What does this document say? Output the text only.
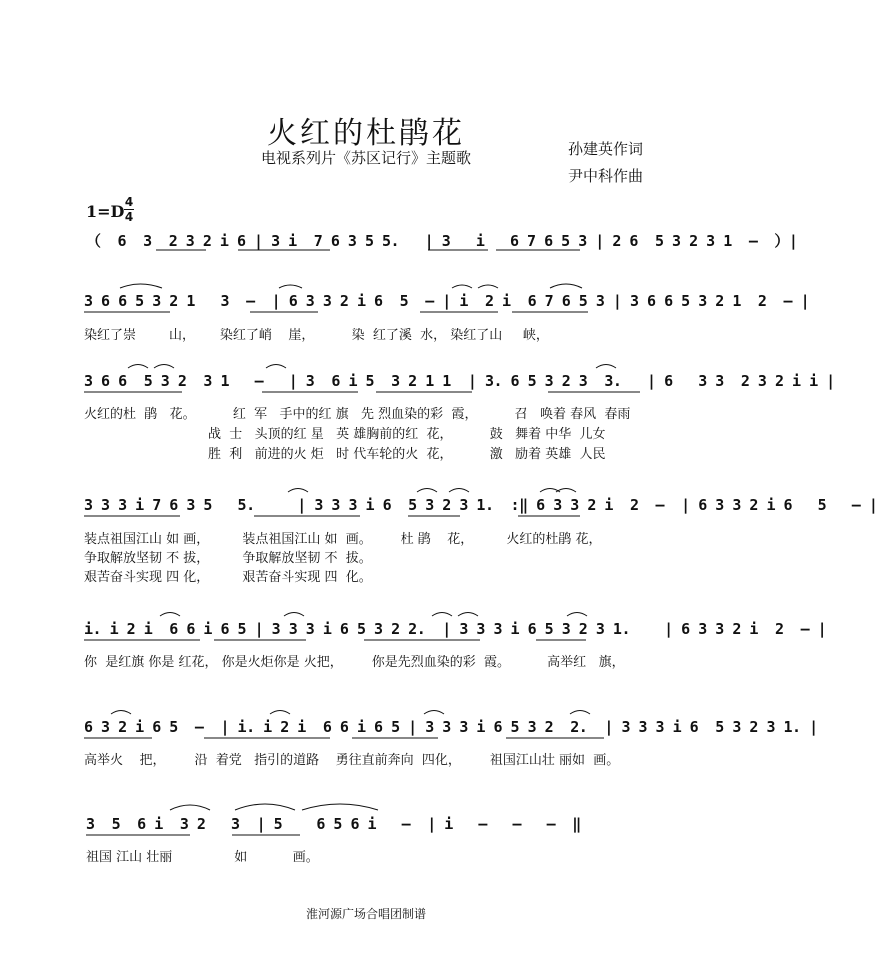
火红的杜鹃花
电视系列片《苏区记行》主题歌	孙建英作词
尹中科作曲
1=D 4
4
（  6  3  2 3 2 i 6 | 3 i  7 6 3 5 5.   | 3   i   6 7 6 5 3 | 2 6  5 3 2 3 1  –  ）|
3 6 6 5 3 2 1   3  –  | 6 3 3 2 i 6  5  – | i  2 i  6 7 6 5 3 | 3 6 6 5 3 2 1  2  – |
染红了崇        山，      染红了峭    崖，         染  红了溪  水， 染红了山     峡，
3 6 6  5 3 2  3 1   –   | 3  6 i 5  3 2 1 1  | 3. 6 5 3 2 3  3.   | 6   3 3  2 3 2 i i |
火红的杜  鹃   花。         红  军   手中的红 旗   先 烈血染的彩  霞，         召   唤着 春风  春雨
战  士   头顶的红 星   英 雄胸前的红  花，         鼓   舞着 中华  儿女
胜  利   前进的火 炬   时 代车轮的火  花，         激   励着 英雄  人民
3 3 3 i 7 6 3 5   5.     | 3 3 3 i 6  5 3 2 3 1.  :‖ 6 3 3 2 i  2  –  | 6 3 3 2 i 6   5   – |
装点祖国江山 如 画，        装点祖国江山 如  画。       杜 鹃    花，        火红的杜鹃 花，
争取解放坚韧 不 拔，        争取解放坚韧 不  拔。
艰苦奋斗实现 四 化，        艰苦奋斗实现 四  化。
i. i 2 i  6 6 i 6 5 | 3 3 3 i 6 5 3 2 2.  | 3 3 3 i 6 5 3 2 3 1.    | 6 3 3 2 i  2  – |
你  是红旗 你是 红花， 你是火炬你是 火把，       你是先烈血染的彩  霞。         高举红   旗，
6 3 2 i 6 5  –  | i. i 2 i  6 6 i 6 5 | 3 3 3 i 6 5 3 2  2.  | 3 3 3 i 6  5 3 2 3 1. |
高举火    把，       沿  着党   指引的道路    勇往直前奔向  四化，       祖国江山壮 丽如  画。
3  5  6 i  3 2   3  | 5    6 5 6 i   –  | i   –   –   –  ‖
祖国 江山 壮丽               如           画。
淮河源广场合唱团制谱
